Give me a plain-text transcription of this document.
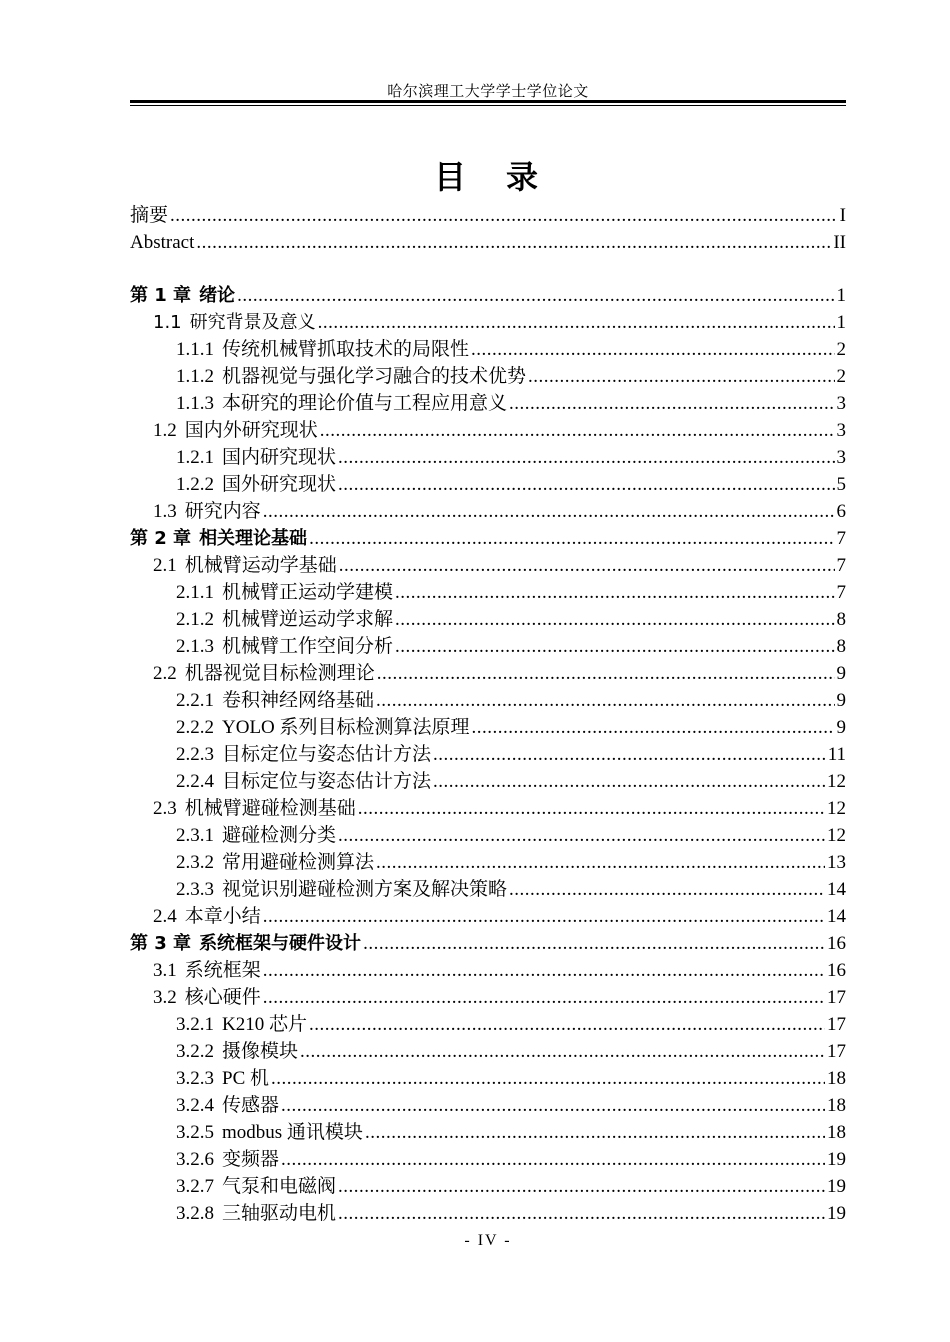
哈尔滨理工大学学士学位论文
目　录
摘要 .....	I
Abstract .....	II
第 1 章 绪论 .....	1
1.1 研究背景及意义 .....	1
1.1.1 传统机械臂抓取技术的局限性 .....	2
1.1.2 机器视觉与强化学习融合的技术优势 .....	2
1.1.3 本研究的理论价值与工程应用意义 .....	3
1.2 国内外研究现状 .....	3
1.2.1 国内研究现状 .....	3
1.2.2 国外研究现状 .....	5
1.3 研究内容 .....	6
第 2 章 相关理论基础 .....	7
2.1 机械臂运动学基础 .....	7
2.1.1 机械臂正运动学建模 .....	7
2.1.2 机械臂逆运动学求解 .....	8
2.1.3 机械臂工作空间分析 .....	8
2.2 机器视觉目标检测理论 .....	9
2.2.1 卷积神经网络基础 .....	9
2.2.2 YOLO 系列目标检测算法原理 .....	9
2.2.3 目标定位与姿态估计方法 .....	11
2.2.4 目标定位与姿态估计方法 .....	12
2.3 机械臂避碰检测基础 .....	12
2.3.1 避碰检测分类 .....	12
2.3.2 常用避碰检测算法 .....	13
2.3.3 视觉识别避碰检测方案及解决策略 .....	14
2.4 本章小结 .....	14
第 3 章 系统框架与硬件设计 .....	16
3.1 系统框架 .....	16
3.2 核心硬件 .....	17
3.2.1 K210 芯片 .....	17
3.2.2 摄像模块 .....	17
3.2.3 PC 机 .....	18
3.2.4 传感器 .....	18
3.2.5 modbus 通讯模块 .....	18
3.2.6 变频器 .....	19
3.2.7 气泵和电磁阀 .....	19
3.2.8 三轴驱动电机 .....	19
- IV -
